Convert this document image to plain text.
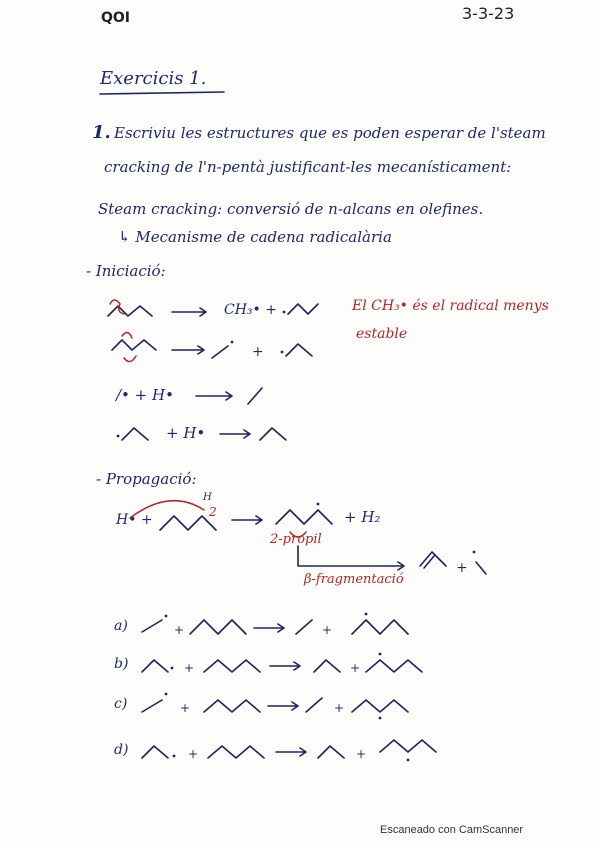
QOI	3-3-23
Exercicis 1.
1. Escriviu les estructures que es poden esperar de l'steam
cracking de l'n-pentà justificant-les mecanísticament:
Steam cracking: conversió de n-alcans en olefines.
↳ Mecanisme de cadena radicalària
- Iniciació:
CH₃• +	El CH₃• és el radical menys
estable
/• + H•
+ H•
- Propagació:
H• +
H
+ H₂
2
2-propil
β-fragmentació
a)
b)
c)
d)
Escaneado con CamScanner
+
+
+	+
+	+
+	+
+	+
